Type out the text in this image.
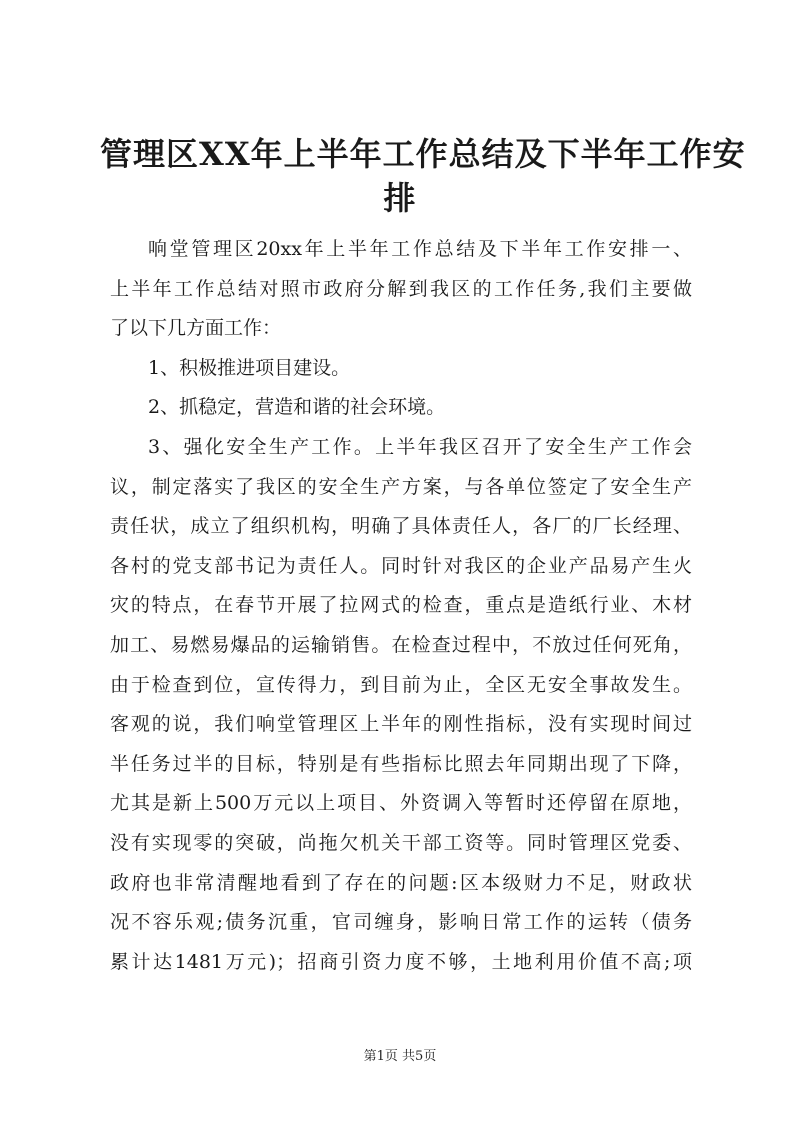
管理区XX年上半年工作总结及下半年工作安
排
响堂管理区20xx年上半年工作总结及下半年工作安排一、
上半年工作总结对照市政府分解到我区的工作任务,我们主要做
了以下几方面工作：
1、积极推进项目建设。
2、抓稳定，营造和谐的社会环境。
3、强化安全生产工作。上半年我区召开了安全生产工作会
议，制定落实了我区的安全生产方案，与各单位签定了安全生产
责任状，成立了组织机构，明确了具体责任人，各厂的厂长经理、
各村的党支部书记为责任人。同时针对我区的企业产品易产生火
灾的特点，在春节开展了拉网式的检查，重点是造纸行业、木材
加工、易燃易爆品的运输销售。在检查过程中，不放过任何死角，
由于检查到位，宣传得力，到目前为止，全区无安全事故发生。
客观的说，我们响堂管理区上半年的刚性指标，没有实现时间过
半任务过半的目标，特别是有些指标比照去年同期出现了下降，
尤其是新上500万元以上项目、外资调入等暂时还停留在原地，
没有实现零的突破，尚拖欠机关干部工资等。同时管理区党委、
政府也非常清醒地看到了存在的问题:区本级财力不足，财政状
况不容乐观;债务沉重，官司缠身，影响日常工作的运转（债务
累计达1481万元)；招商引资力度不够，土地利用价值不高;项
第1页 共5页
